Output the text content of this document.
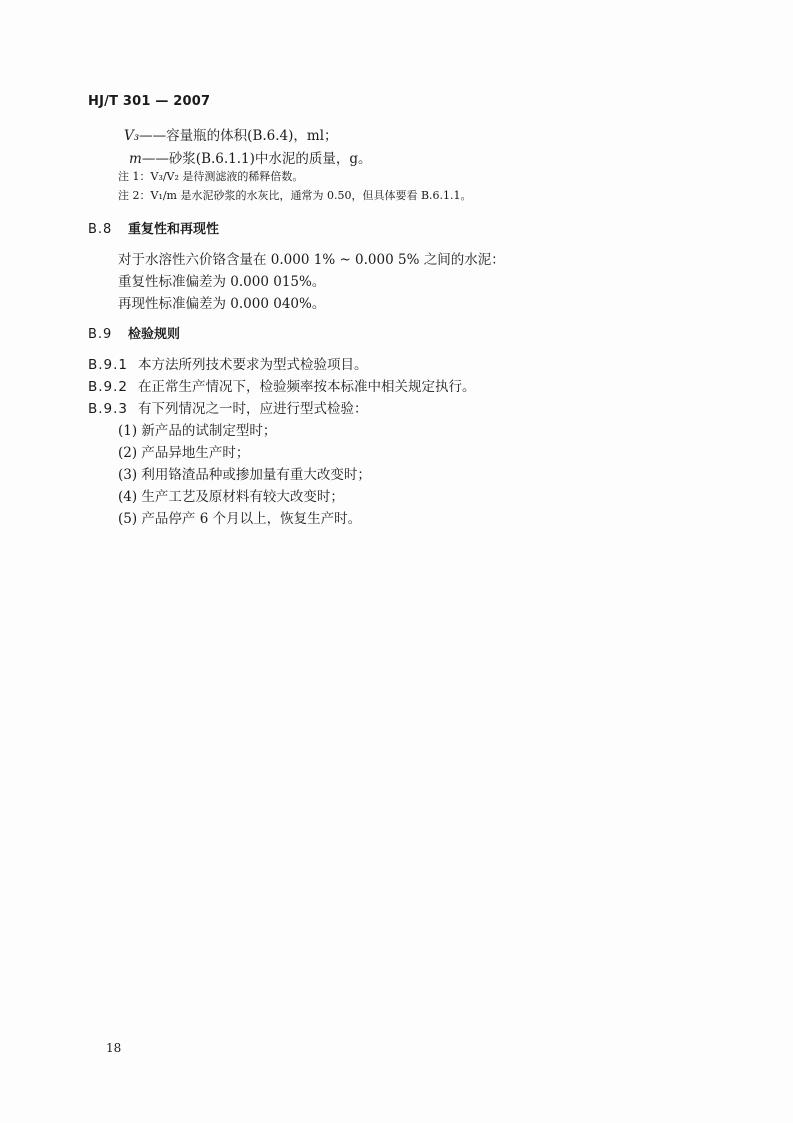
HJ/T 301 — 2007
V₃——容量瓶的体积(B.6.4)，ml；
m——砂浆(B.6.1.1)中水泥的质量，g。
注 1：V₃/V₂ 是待测滤液的稀释倍数。
注 2：V₁/m 是水泥砂浆的水灰比，通常为 0.50，但具体要看 B.6.1.1。
B.8 重复性和再现性
对于水溶性六价铬含量在 0.000 1% ~ 0.000 5% 之间的水泥：
重复性标准偏差为 0.000 015%。
再现性标准偏差为 0.000 040%。
B.9 检验规则
B.9.1 本方法所列技术要求为型式检验项目。
B.9.2 在正常生产情况下，检验频率按本标准中相关规定执行。
B.9.3 有下列情况之一时，应进行型式检验：
(1) 新产品的试制定型时；
(2) 产品异地生产时；
(3) 利用铬渣品种或掺加量有重大改变时；
(4) 生产工艺及原材料有较大改变时；
(5) 产品停产 6 个月以上，恢复生产时。
18
